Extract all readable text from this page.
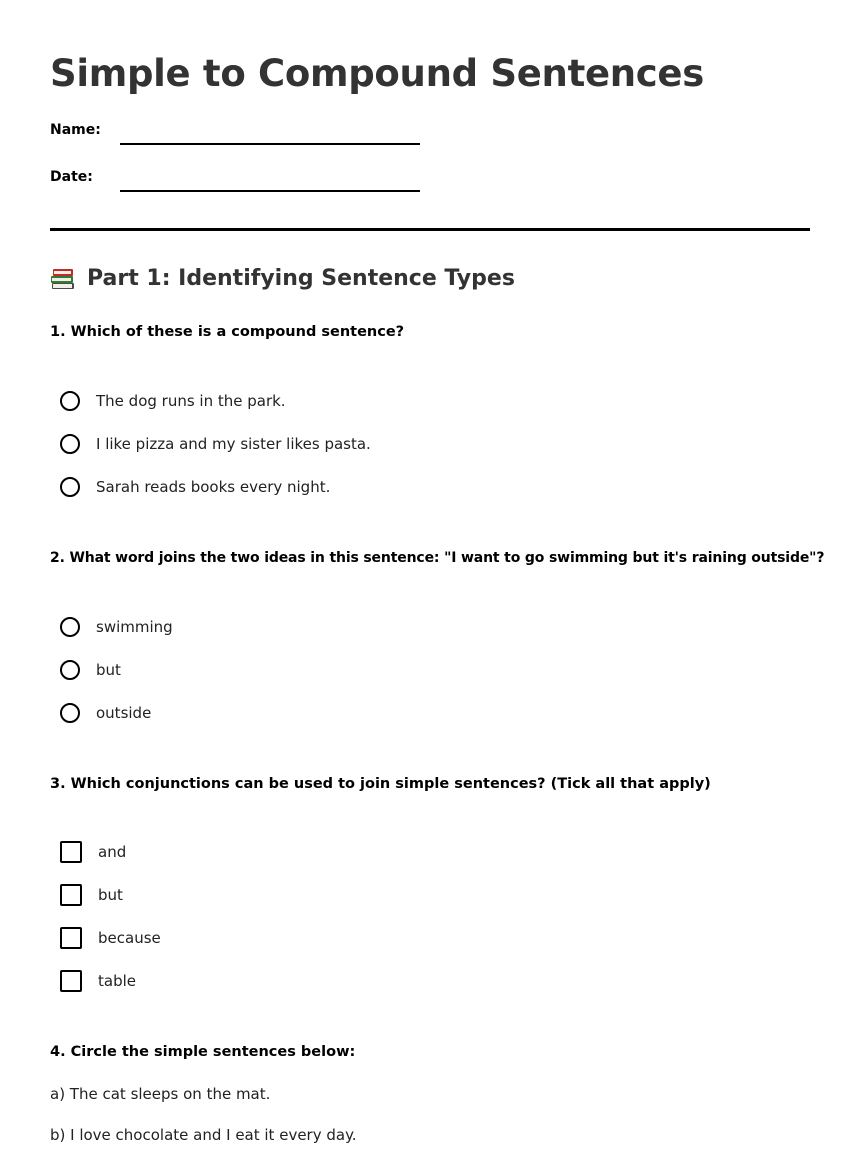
Simple to Compound Sentences
Name:
Date:
Part 1: Identifying Sentence Types
1. Which of these is a compound sentence?
The dog runs in the park.
I like pizza and my sister likes pasta.
Sarah reads books every night.
2. What word joins the two ideas in this sentence: "I want to go swimming but it's raining outside"?
swimming
but
outside
3. Which conjunctions can be used to join simple sentences? (Tick all that apply)
and
but
because
table
4. Circle the simple sentences below:
a) The cat sleeps on the mat.
b) I love chocolate and I eat it every day.
